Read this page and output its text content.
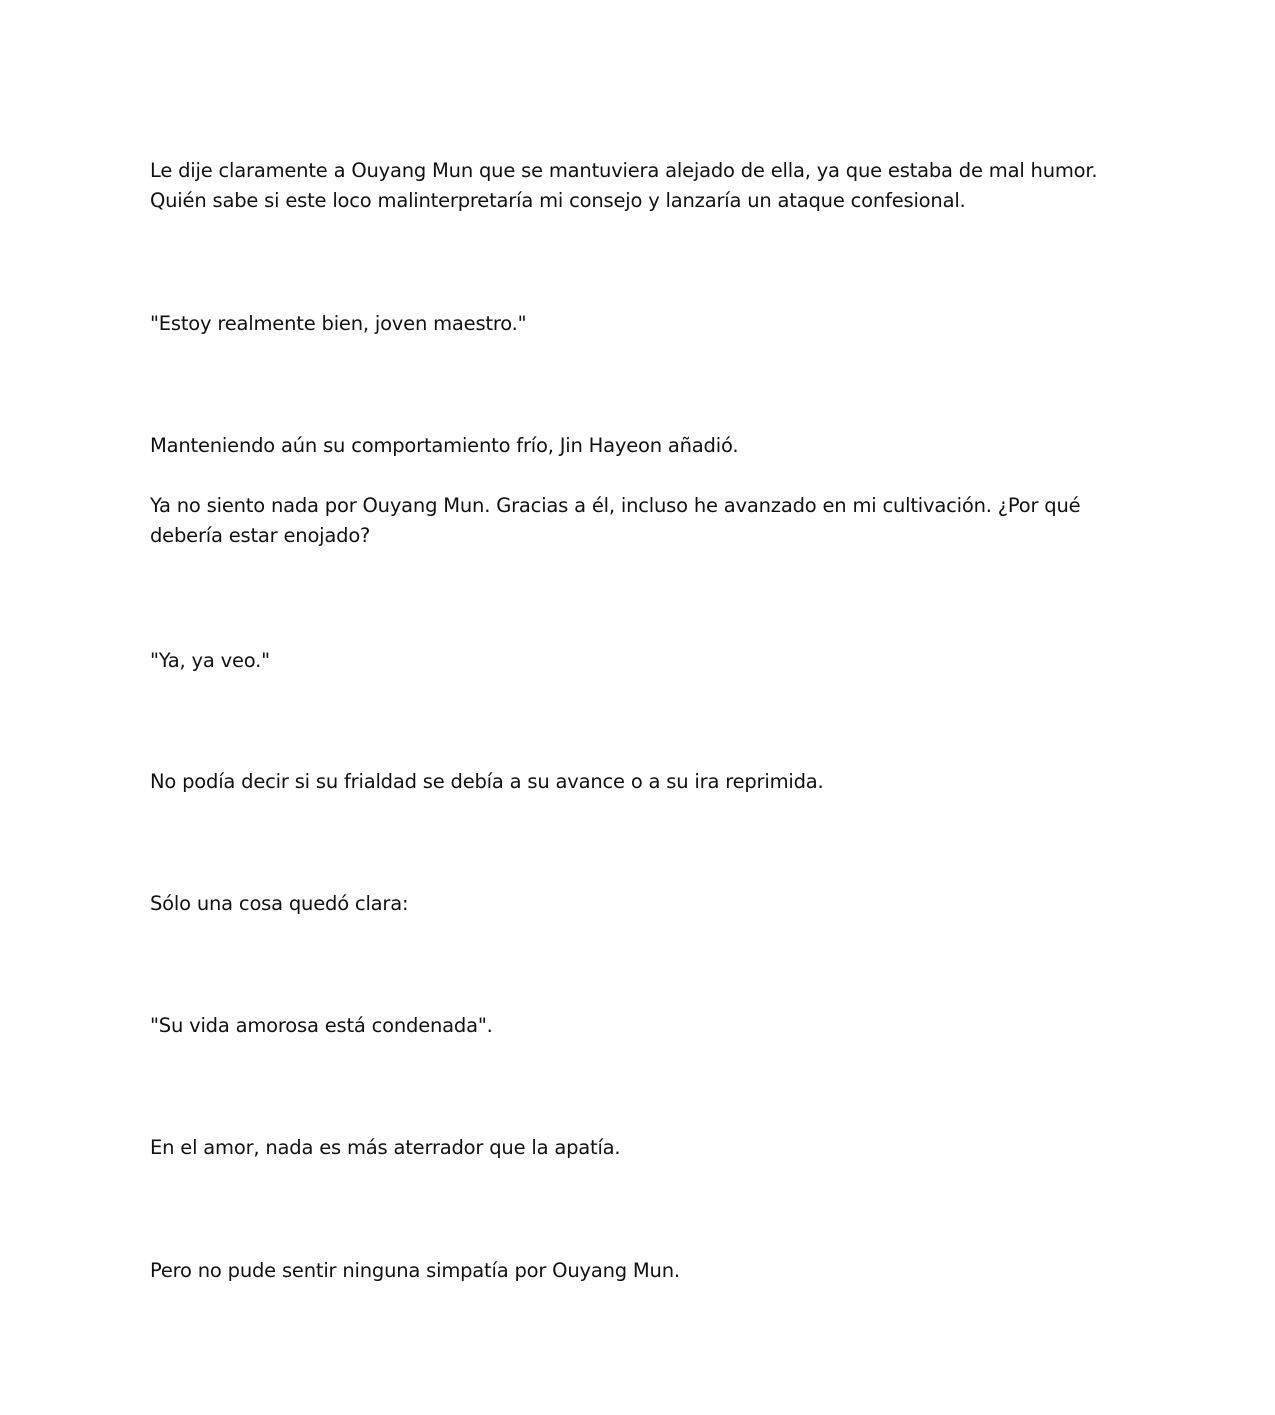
Le dije claramente a Ouyang Mun que se mantuviera alejado de ella, ya que estaba de mal humor. Quién sabe si este loco malinterpretaría mi consejo y lanzaría un ataque confesional.

"Estoy realmente bien, joven maestro."

Manteniendo aún su comportamiento frío, Jin Hayeon añadió.

Ya no siento nada por Ouyang Mun. Gracias a él, incluso he avanzado en mi cultivación. ¿Por qué debería estar enojado?

"Ya, ya veo."

No podía decir si su frialdad se debía a su avance o a su ira reprimida.

Sólo una cosa quedó clara:

"Su vida amorosa está condenada".

En el amor, nada es más aterrador que la apatía.

Pero no pude sentir ninguna simpatía por Ouyang Mun.
